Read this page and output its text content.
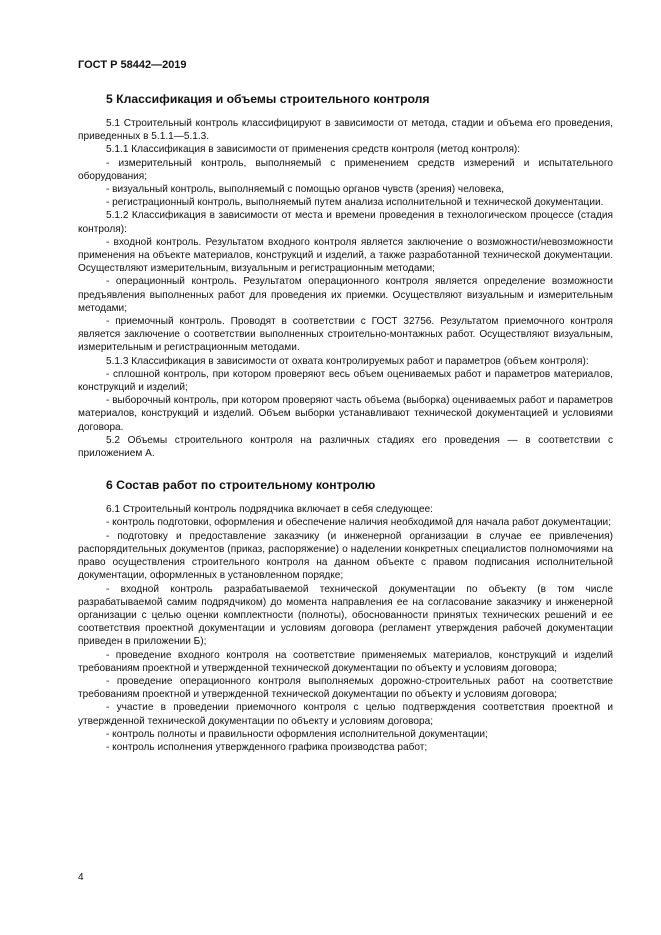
ГОСТ Р 58442—2019
5 Классификация и объемы строительного контроля

5.1 Строительный контроль классифицируют в зависимости от метода, стадии и объема его проведения, приведенных в 5.1.1—5.1.3.

5.1.1 Классификация в зависимости от применения средств контроля (метод контроля):

- измерительный контроль, выполняемый с применением средств измерений и испытательного оборудования;

- визуальный контроль, выполняемый с помощью органов чувств (зрения) человека,

- регистрационный контроль, выполняемый путем анализа исполнительной и технической документации.

5.1.2 Классификация в зависимости от места и времени проведения в технологическом процессе (стадия контроля):

- входной контроль. Результатом входного контроля является заключение о возможности/невозможности применения на объекте материалов, конструкций и изделий, а также разработанной технической документации. Осуществляют измерительным, визуальным и регистрационным методами;

- операционный контроль. Результатом операционного контроля является определение возможности предъявления выполненных работ для проведения их приемки. Осуществляют визуальным и измерительным методами;

- приемочный контроль. Проводят в соответствии с ГОСТ 32756. Результатом приемочного контроля является заключение о соответствии выполненных строительно-монтажных работ. Осуществляют визуальным, измерительным и регистрационным методами.

5.1.3 Классификация в зависимости от охвата контролируемых работ и параметров (объем контроля):

- сплошной контроль, при котором проверяют весь объем оцениваемых работ и параметров материалов, конструкций и изделий;

- выборочный контроль, при котором проверяют часть объема (выборка) оцениваемых работ и параметров материалов, конструкций и изделий. Объем выборки устанавливают технической документацией и условиями договора.

5.2 Объемы строительного контроля на различных стадиях его проведения — в соответствии с приложением А.

6 Состав работ по строительному контролю

6.1 Строительный контроль подрядчика включает в себя следующее:

- контроль подготовки, оформления и обеспечение наличия необходимой для начала работ документации;

- подготовку и предоставление заказчику (и инженерной организации в случае ее привлечения) распорядительных документов (приказ, распоряжение) о наделении конкретных специалистов полномочиями на право осуществления строительного контроля на данном объекте с правом подписания исполнительной документации, оформленных в установленном порядке;

- входной контроль разрабатываемой технической документации по объекту (в том числе разрабатываемой самим подрядчиком) до момента направления ее на согласование заказчику и инженерной организации с целью оценки комплектности (полноты), обоснованности принятых технических решений и ее соответствия проектной документации и условиям договора (регламент утверждения рабочей документации приведен в приложении Б);

- проведение входного контроля на соответствие применяемых материалов, конструкций и изделий требованиям проектной и утвержденной технической документации по объекту и условиям договора;

- проведение операционного контроля выполняемых дорожно-строительных работ на соответствие требованиям проектной и утвержденной технической документации по объекту и условиям договора;

- участие в проведении приемочного контроля с целью подтверждения соответствия проектной и утвержденной технической документации по объекту и условиям договора;

- контроль полноты и правильности оформления исполнительной документации;

- контроль исполнения утвержденного графика производства работ;

4
